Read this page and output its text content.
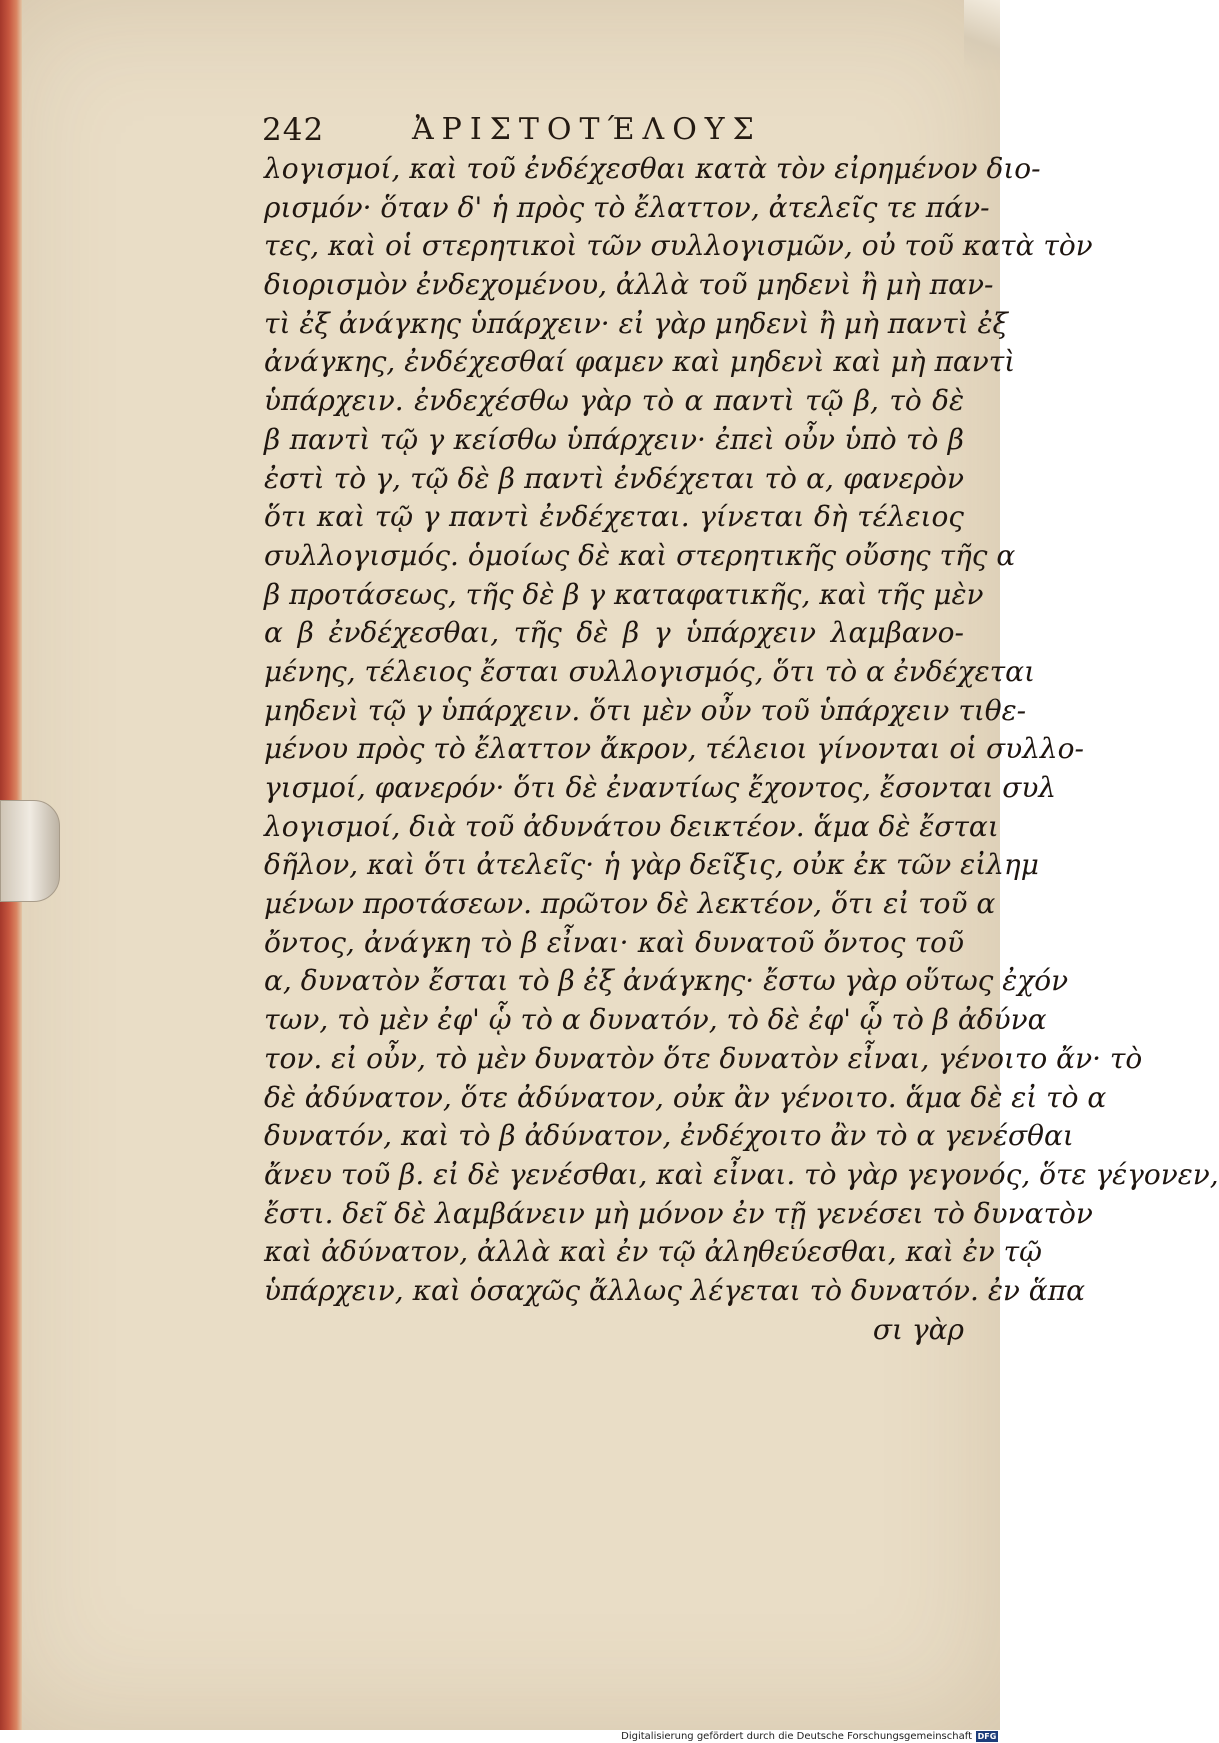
242	ἈΡΙΣΤΟΤΈΛΟΥΣ
λογισμοί, καὶ τοῦ ἐνδέχεσθαι κατὰ τὸν εἰρημένον διο-
ρισμόν· ὅταν δ' ἡ πρὸς τὸ ἔλαττον, ἀτελεῖς τε πάν-
τες, καὶ οἱ στερητικοὶ τῶν συλλογισμῶν, οὐ τοῦ κατὰ τὸν
διορισμὸν ἐνδεχομένου, ἀλλὰ τοῦ μηδενὶ ἢ μὴ παν-
τὶ ἐξ ἀνάγκης ὑπάρχειν· εἰ γὰρ μηδενὶ ἢ μὴ παντὶ ἐξ
ἀνάγκης, ἐνδέχεσθαί φαμεν καὶ μηδενὶ καὶ μὴ παντὶ
ὑπάρχειν. ἐνδεχέσθω γὰρ τὸ α παντὶ τῷ β, τὸ δὲ
β παντὶ τῷ γ κείσθω ὑπάρχειν· ἐπεὶ οὖν ὑπὸ τὸ β
ἐστὶ τὸ γ, τῷ δὲ β παντὶ ἐνδέχεται τὸ α, φανερὸν
ὅτι καὶ τῷ γ παντὶ ἐνδέχεται. γίνεται δὴ τέλειος
συλλογισμός. ὁμοίως δὲ καὶ στερητικῆς οὔσης τῆς α
β προτάσεως, τῆς δὲ β γ καταφατικῆς, καὶ τῆς μὲν
α β ἐνδέχεσθαι, τῆς δὲ β γ ὑπάρχειν λαμβανο-
μένης, τέλειος ἔσται συλλογισμός, ὅτι τὸ α ἐνδέχεται
μηδενὶ τῷ γ ὑπάρχειν. ὅτι μὲν οὖν τοῦ ὑπάρχειν τιθε-
μένου πρὸς τὸ ἔλαττον ἄκρον, τέλειοι γίνονται οἱ συλλο-
γισμοί, φανερόν· ὅτι δὲ ἐναντίως ἔχοντος, ἔσονται συλ
λογισμοί, διὰ τοῦ ἀδυνάτου δεικτέον. ἅμα δὲ ἔσται
δῆλον, καὶ ὅτι ἀτελεῖς· ἡ γὰρ δεῖξις, οὐκ ἐκ τῶν εἰλημ
μένων προτάσεων. πρῶτον δὲ λεκτέον, ὅτι εἰ τοῦ α
ὄντος, ἀνάγκη τὸ β εἶναι· καὶ δυνατοῦ ὄντος τοῦ
α, δυνατὸν ἔσται τὸ β ἐξ ἀνάγκης· ἔστω γὰρ οὕτως ἐχόν
των, τὸ μὲν ἐφ' ᾧ τὸ α δυνατόν, τὸ δὲ ἐφ' ᾧ τὸ β ἀδύνα
τον. εἰ οὖν, τὸ μὲν δυνατὸν ὅτε δυνατὸν εἶναι, γένοιτο ἄν· τὸ
δὲ ἀδύνατον, ὅτε ἀδύνατον, οὐκ ἂν γένοιτο. ἅμα δὲ εἰ τὸ α
δυνατόν, καὶ τὸ β ἀδύνατον, ἐνδέχοιτο ἂν τὸ α γενέσθαι
ἄνευ τοῦ β. εἰ δὲ γενέσθαι, καὶ εἶναι. τὸ γὰρ γεγονός, ὅτε γέγονεν,
ἔστι. δεῖ δὲ λαμβάνειν μὴ μόνον ἐν τῇ γενέσει τὸ δυνατὸν
καὶ ἀδύνατον, ἀλλὰ καὶ ἐν τῷ ἀληθεύεσθαι, καὶ ἐν τῷ
ὑπάρχειν, καὶ ὁσαχῶς ἄλλως λέγεται τὸ δυνατόν. ἐν ἅπα
σι γὰρ
Digitalisierung gefördert durch die Deutsche Forschungsgemeinschaft DFG
